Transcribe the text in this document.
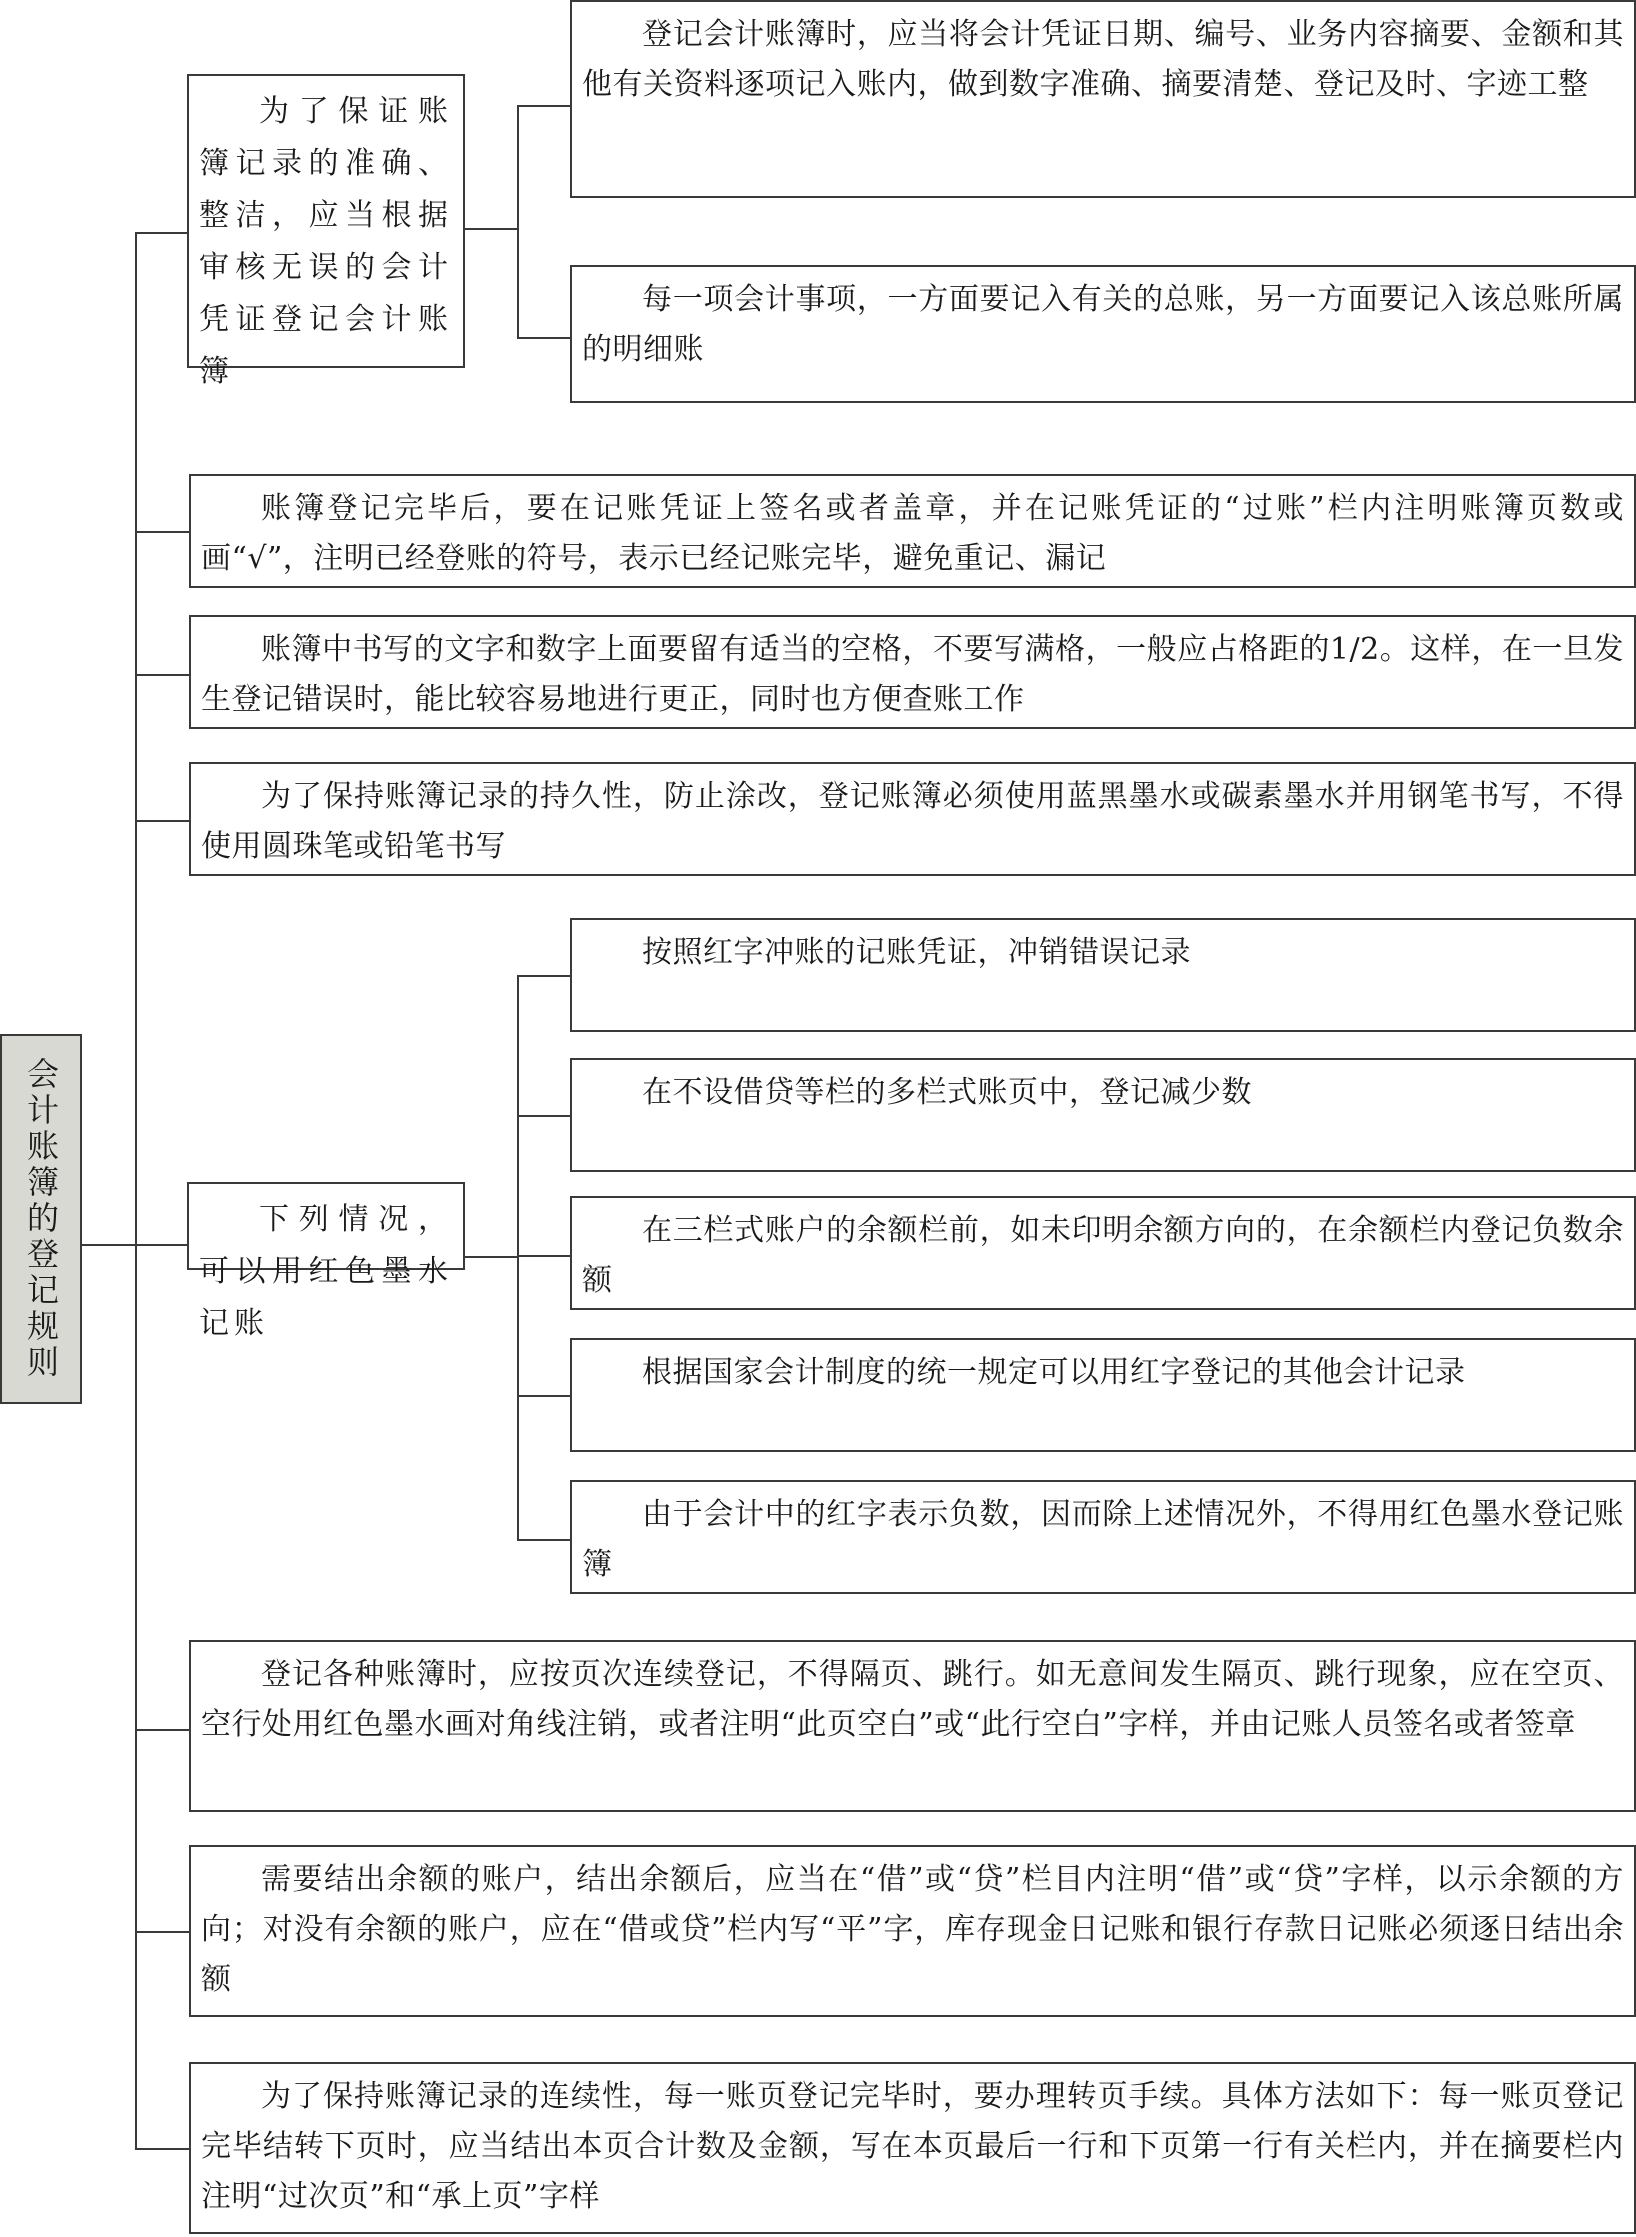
会计账簿的登记规则
为了保证账簿记录的准确、整洁，应当根据审核无误的会计凭证登记会计账簿
登记会计账簿时，应当将会计凭证日期、编号、业务内容摘要、金额和其他有关资料逐项记入账内，做到数字准确、摘要清楚、登记及时、字迹工整
每一项会计事项，一方面要记入有关的总账，另一方面要记入该总账所属的明细账
账簿登记完毕后，要在记账凭证上签名或者盖章，并在记账凭证的“过账”栏内注明账簿页数或画“√”，注明已经登账的符号，表示已经记账完毕，避免重记、漏记
账簿中书写的文字和数字上面要留有适当的空格，不要写满格，一般应占格距的1/2。这样，在一旦发生登记错误时，能比较容易地进行更正，同时也方便查账工作
为了保持账簿记录的持久性，防止涂改，登记账簿必须使用蓝黑墨水或碳素墨水并用钢笔书写，不得使用圆珠笔或铅笔书写
下列情况，可以用红色墨水记账
按照红字冲账的记账凭证，冲销错误记录
在不设借贷等栏的多栏式账页中，登记减少数
在三栏式账户的余额栏前，如未印明余额方向的，在余额栏内登记负数余额
根据国家会计制度的统一规定可以用红字登记的其他会计记录
由于会计中的红字表示负数，因而除上述情况外，不得用红色墨水登记账簿
登记各种账簿时，应按页次连续登记，不得隔页、跳行。如无意间发生隔页、跳行现象，应在空页、空行处用红色墨水画对角线注销，或者注明“此页空白”或“此行空白”字样，并由记账人员签名或者签章
需要结出余额的账户，结出余额后，应当在“借”或“贷”栏目内注明“借”或“贷”字样，以示余额的方向；对没有余额的账户，应在“借或贷”栏内写“平”字，库存现金日记账和银行存款日记账必须逐日结出余额
为了保持账簿记录的连续性，每一账页登记完毕时，要办理转页手续。具体方法如下：每一账页登记完毕结转下页时，应当结出本页合计数及金额，写在本页最后一行和下页第一行有关栏内，并在摘要栏内注明“过次页”和“承上页”字样
